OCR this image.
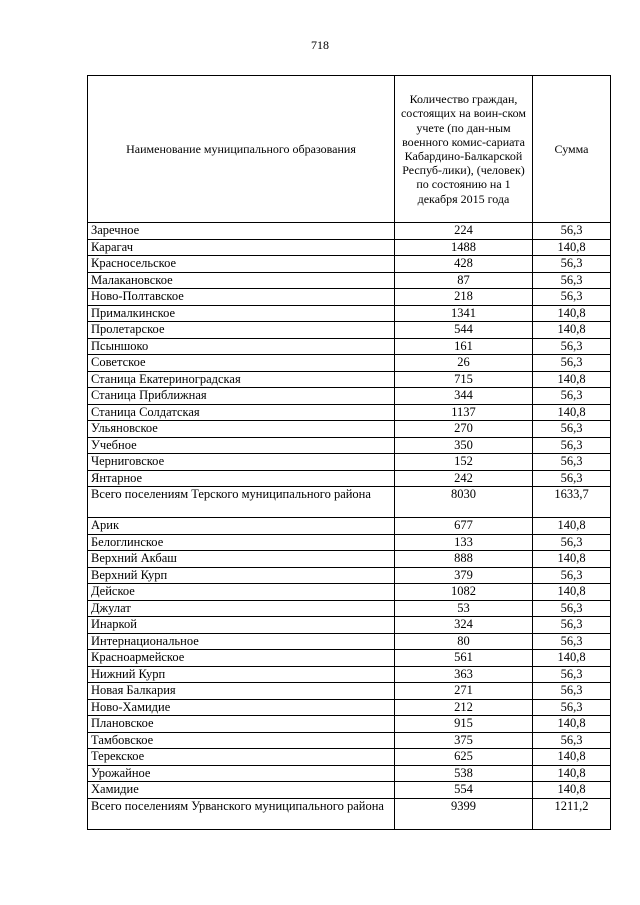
718
Наименование муниципального образования	Количество граждан, состоящих на воин-ском учете (по дан-ным военного комис-сариата Кабардино-Балкарской Респуб-лики), (человек) по состоянию на 1 декабря 2015 года	Сумма
Заречное	224	56,3
Карагач	1488	140,8
Красносельское	428	56,3
Малакановское	87	56,3
Ново-Полтавское	218	56,3
Прималкинское	1341	140,8
Пролетарское	544	140,8
Псыншоко	161	56,3
Советское	26	56,3
Станица Екатериноградская	715	140,8
Станица Приближная	344	56,3
Станица Солдатская	1137	140,8
Ульяновское	270	56,3
Учебное	350	56,3
Черниговское	152	56,3
Янтарное	242	56,3
Всего поселениям Терского муниципального района	8030	1633,7
Арик	677	140,8
Белоглинское	133	56,3
Верхний Акбаш	888	140,8
Верхний Курп	379	56,3
Дейское	1082	140,8
Джулат	53	56,3
Инаркой	324	56,3
Интернациональное	80	56,3
Красноармейское	561	140,8
Нижний Курп	363	56,3
Новая Балкария	271	56,3
Ново-Хамидие	212	56,3
Плановское	915	140,8
Тамбовское	375	56,3
Терекское	625	140,8
Урожайное	538	140,8
Хамидие	554	140,8
Всего поселениям Урванского муниципального района	9399	1211,2
